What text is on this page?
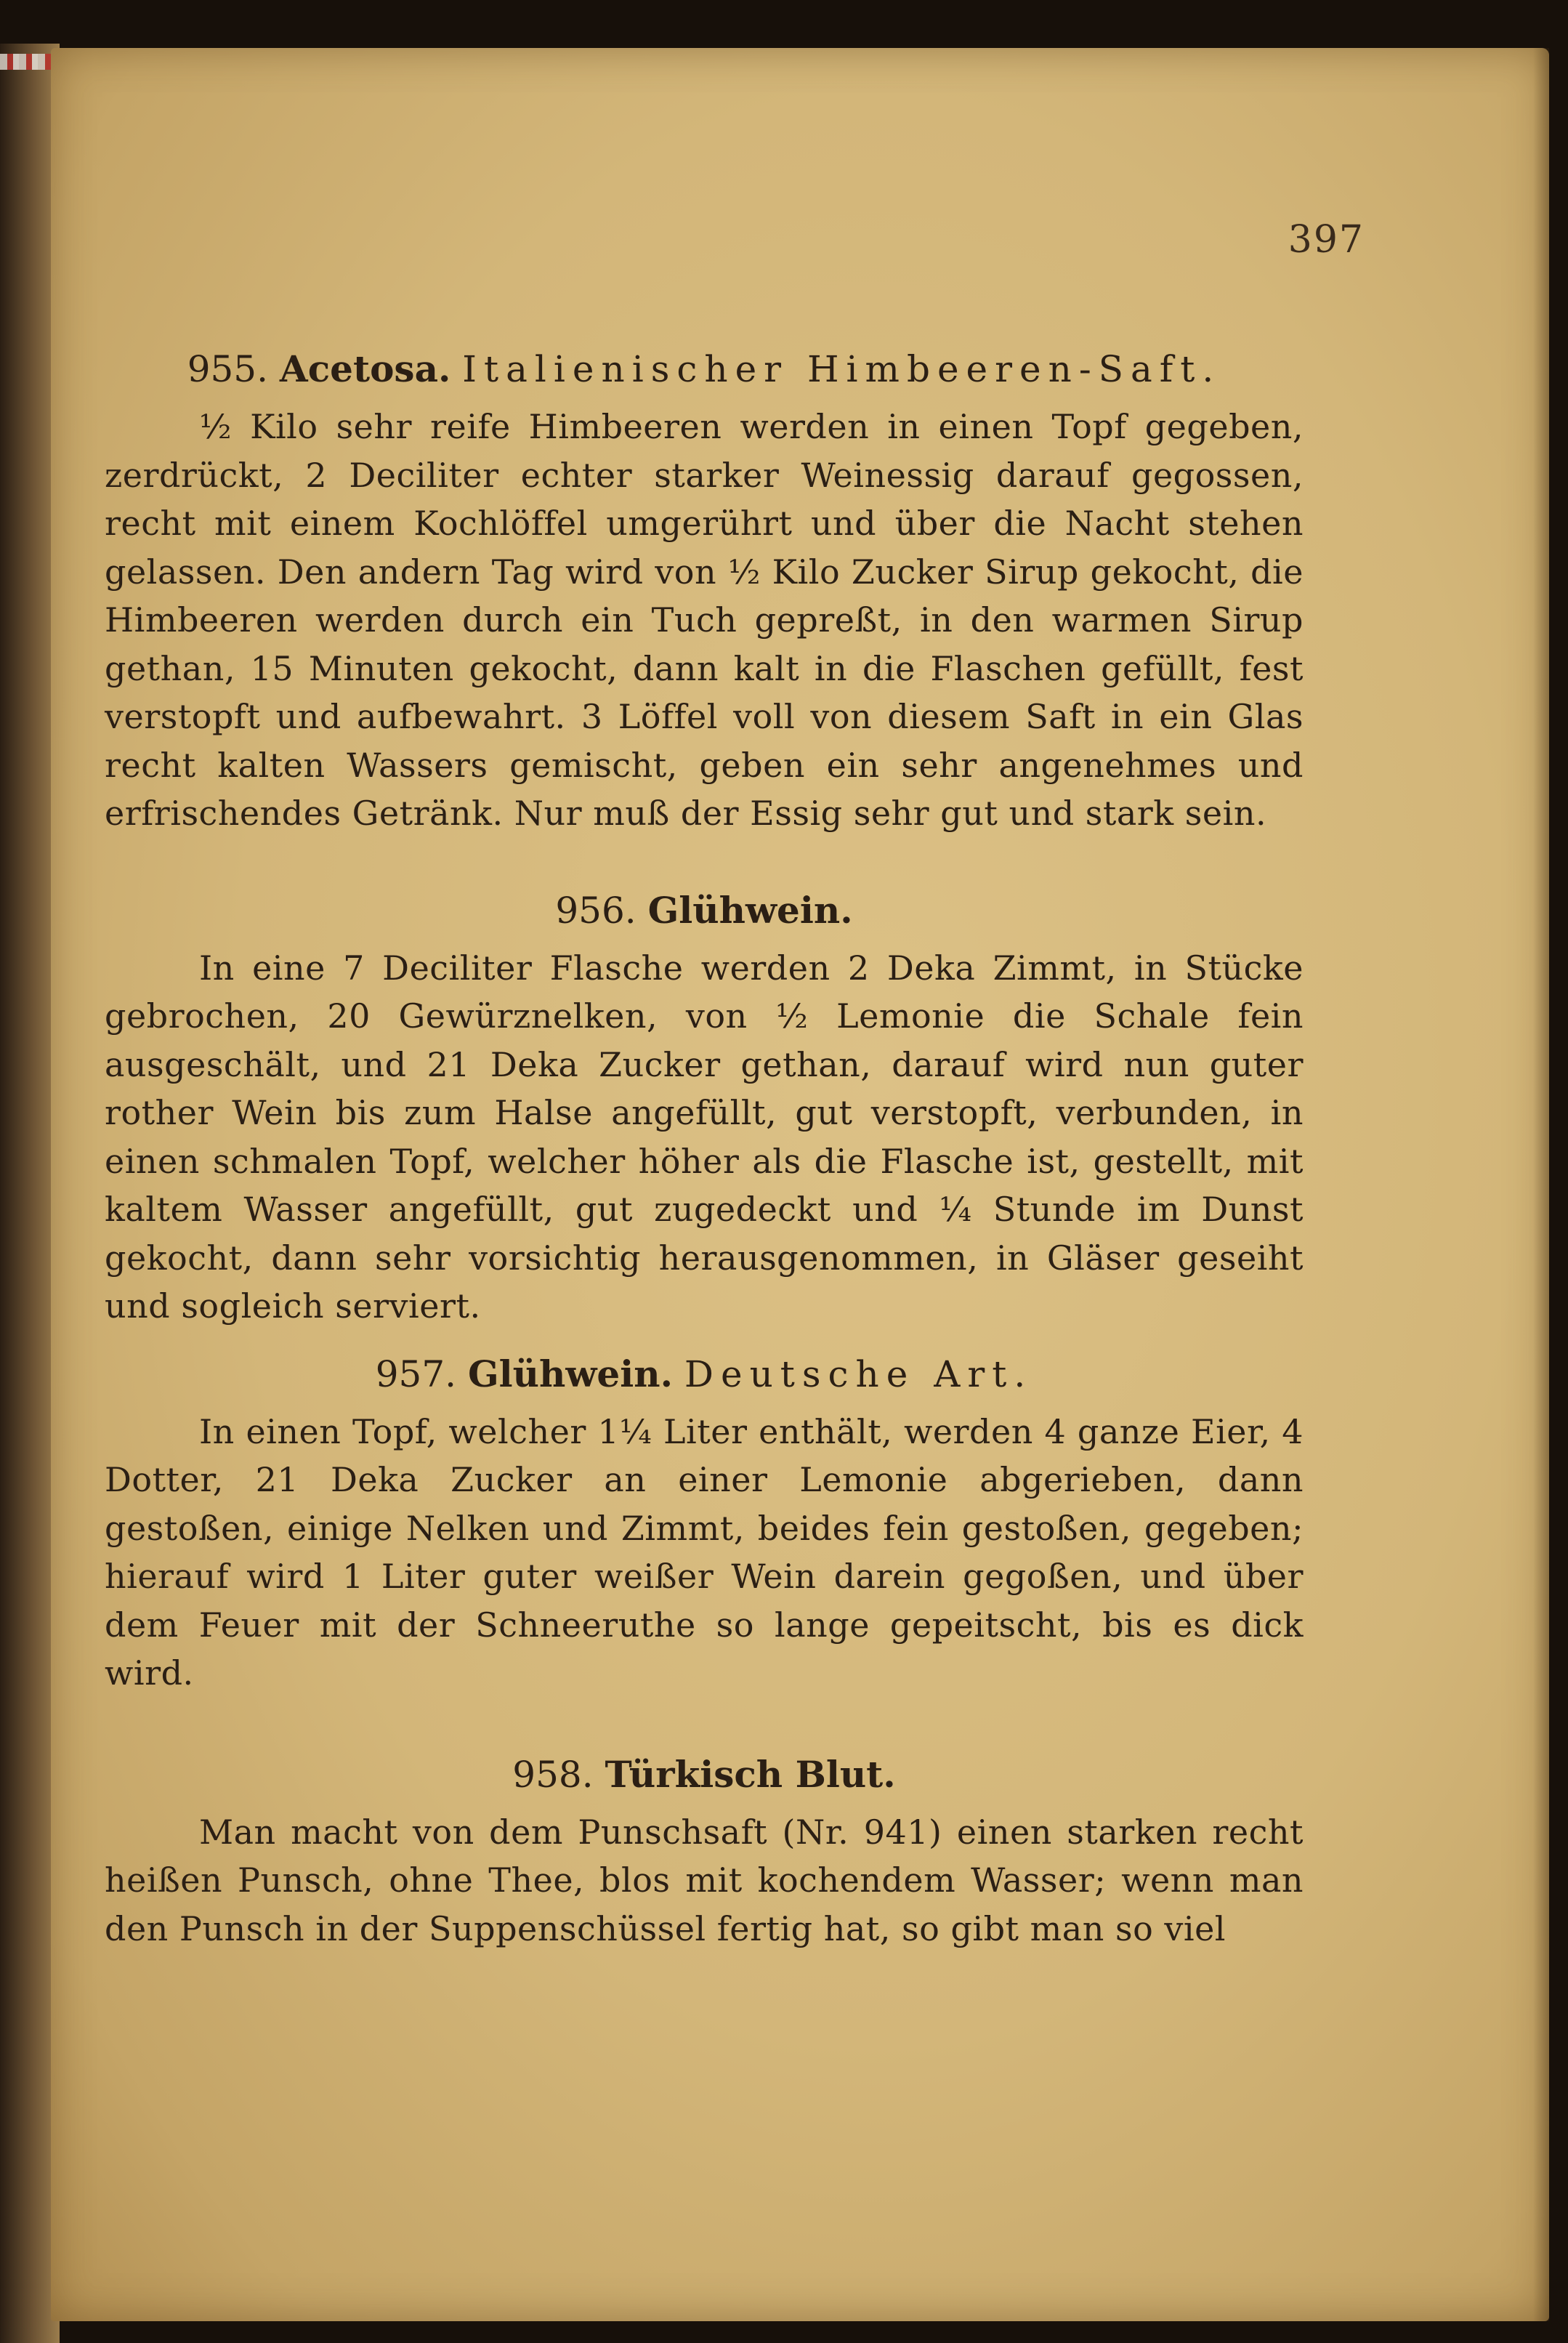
397
955. Acetosa. Italienischer Himbeeren-Saft.

½ Kilo sehr reife Himbeeren werden in einen Topf gegeben, zerdrückt, 2 Deciliter echter starker Weinessig darauf gegossen, recht mit einem Kochlöffel umgerührt und über die Nacht stehen gelassen. Den andern Tag wird von ½ Kilo Zucker Sirup gekocht, die Himbeeren werden durch ein Tuch gepreßt, in den warmen Sirup gethan, 15 Minuten gekocht, dann kalt in die Flaschen gefüllt, fest verstopft und aufbewahrt. 3 Löffel voll von diesem Saft in ein Glas recht kalten Wassers gemischt, geben ein sehr angenehmes und erfrischendes Getränk. Nur muß der Essig sehr gut und stark sein.

956. Glühwein.

In eine 7 Deciliter Flasche werden 2 Deka Zimmt, in Stücke gebrochen, 20 Gewürznelken, von ½ Lemonie die Schale fein ausgeschält, und 21 Deka Zucker gethan, darauf wird nun guter rother Wein bis zum Halse angefüllt, gut verstopft, verbunden, in einen schmalen Topf, welcher höher als die Flasche ist, gestellt, mit kaltem Wasser angefüllt, gut zugedeckt und ¼ Stunde im Dunst gekocht, dann sehr vorsichtig herausgenommen, in Gläser geseiht und sogleich serviert.

957. Glühwein. Deutsche Art.

In einen Topf, welcher 1¼ Liter enthält, werden 4 ganze Eier, 4 Dotter, 21 Deka Zucker an einer Lemonie abgerieben, dann gestoßen, einige Nelken und Zimmt, beides fein gestoßen, gegeben; hierauf wird 1 Liter guter weißer Wein darein gegoßen, und über dem Feuer mit der Schneeruthe so lange gepeitscht, bis es dick wird.

958. Türkisch Blut.

Man macht von dem Punschsaft (Nr. 941) einen starken recht heißen Punsch, ohne Thee, blos mit kochendem Wasser; wenn man den Punsch in der Suppenschüssel fertig hat, so gibt man so viel
